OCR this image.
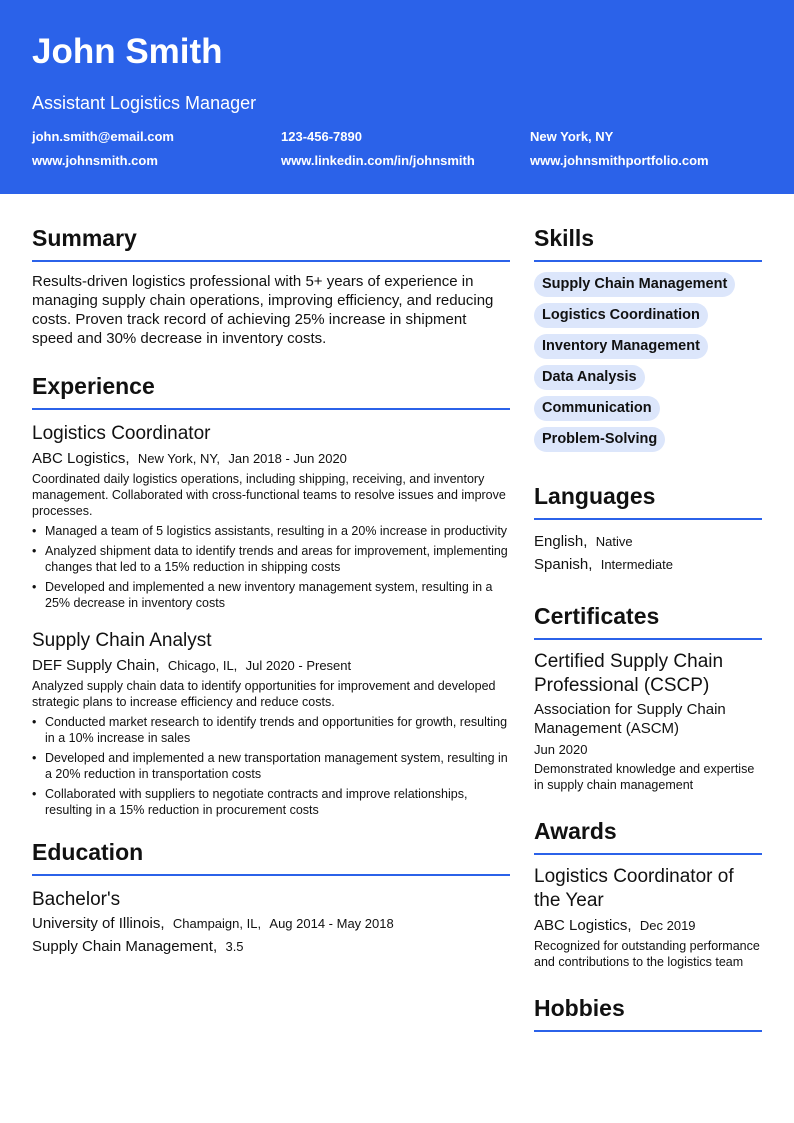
John Smith
Assistant Logistics Manager
john.smith@email.com	123-456-7890	New York, NY
www.johnsmith.com	www.linkedin.com/in/johnsmith	www.johnsmithportfolio.com
Summary
Results-driven logistics professional with 5+ years of experience in managing supply chain operations, improving efficiency, and reducing costs. Proven track record of achieving 25% increase in shipment speed and 30% decrease in inventory costs.
Experience
Logistics Coordinator
ABC Logistics, New York, NY, Jan 2018 - Jun 2020
Coordinated daily logistics operations, including shipping, receiving, and inventory management. Collaborated with cross-functional teams to resolve issues and improve processes.
• Managed a team of 5 logistics assistants, resulting in a 20% increase in productivity
• Analyzed shipment data to identify trends and areas for improvement, implementing changes that led to a 15% reduction in shipping costs
• Developed and implemented a new inventory management system, resulting in a 25% decrease in inventory costs
Supply Chain Analyst
DEF Supply Chain, Chicago, IL, Jul 2020 - Present
Analyzed supply chain data to identify opportunities for improvement and developed strategic plans to increase efficiency and reduce costs.
• Conducted market research to identify trends and opportunities for growth, resulting in a 10% increase in sales
• Developed and implemented a new transportation management system, resulting in a 20% reduction in transportation costs
• Collaborated with suppliers to negotiate contracts and improve relationships, resulting in a 15% reduction in procurement costs
Education
Bachelor's
University of Illinois, Champaign, IL, Aug 2014 - May 2018
Supply Chain Management, 3.5
Skills
Supply Chain Management
Logistics Coordination
Inventory Management
Data Analysis
Communication
Problem-Solving
Languages
English, Native
Spanish, Intermediate
Certificates
Certified Supply Chain Professional (CSCP)
Association for Supply Chain Management (ASCM)
Jun 2020
Demonstrated knowledge and expertise in supply chain management
Awards
Logistics Coordinator of the Year
ABC Logistics, Dec 2019
Recognized for outstanding performance and contributions to the logistics team
Hobbies
